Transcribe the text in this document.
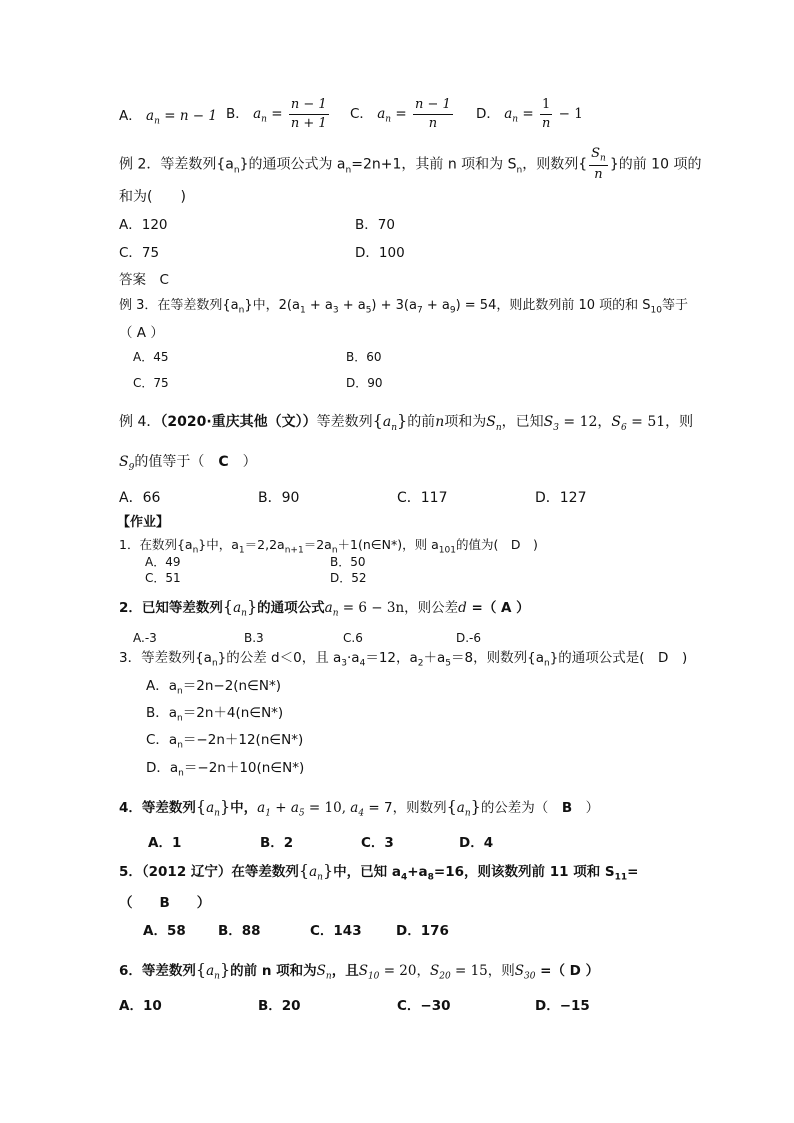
A． $a_n = n - 1$ B． $a_n = \frac{n - 1}{n + 1}$ C． $a_n = \frac{n - 1}{n}$ D． $a_n = \frac{1}{n} - 1$
例 2．等差数列$\{a_n\}$的通项公式为 $a_n=2n+1$，其前 n 项和为 $S_n$，则数列{ $\frac{S_n}{n}$ }的前 10 项的
和为(　　)
A．120	B．70
C．75	D．100
答案　C
例 3．在等差数列$\{a_n\}$中，$2(a_1 + a_3 + a_5) + 3(a_7 + a_9) = 54$，则此数列前 10 项的和 $S_{10}$等于
（ A ）
A．45	B．60
C．75	D．90
例 4．（2020·重庆其他（文））等差数列$\{a_n\}$的前n项和为$S_n$，已知$S_3 = 12$，$S_6 = 51$，则
$S_9$的值等于（　C　）
A．66	B．90	C．117	D．127
【作业】
1．在数列$\{a_n\}$中，$a_1=2,2a_{n+1}=2a_n+1(n\in N*)$，则 $a_{101}$的值为(　D　)
A．49	B．50
C．51	D．52
2．已知等差数列$\{a_n\}$的通项公式$a_n = 6 - 3n$，则公差d =（ A ）
A.-3	B.3	C.6	D.-6
3．等差数列$\{a_n\}$的公差 d＜0，且 $a_3\cdot a_4=12$，$a_2+a_5=8$，则数列$\{a_n\}$的通项公式是(　D　)
A．$a_n=2n-2(n\in N*)$
B．$a_n=2n+4(n\in N*)$
C．$a_n=-2n+12(n\in N*)$
D．$a_n=-2n+10(n\in N*)$
4．等差数列$\{a_n\}$中，$a_1 + a_5 = 10$, $a_4 = 7$，则数列$\{a_n\}$的公差为（　B　）
A．1	B．2	C．3	D．4
5．（2012 辽宁）在等差数列$\{a_n\}$中，已知 $a_4+a_8=16$，则该数列前 11 项和 $S_{11}=$
（　　B　　）
A．58 B．88	C．143	D．176
6．等差数列$\{a_n\}$的前 n 项和为$S_n$，且$S_{10} = 20$，$S_{20} = 15$，则$S_{30}$ =（ D ）
A．10	B．20	C．−30	D．−15
